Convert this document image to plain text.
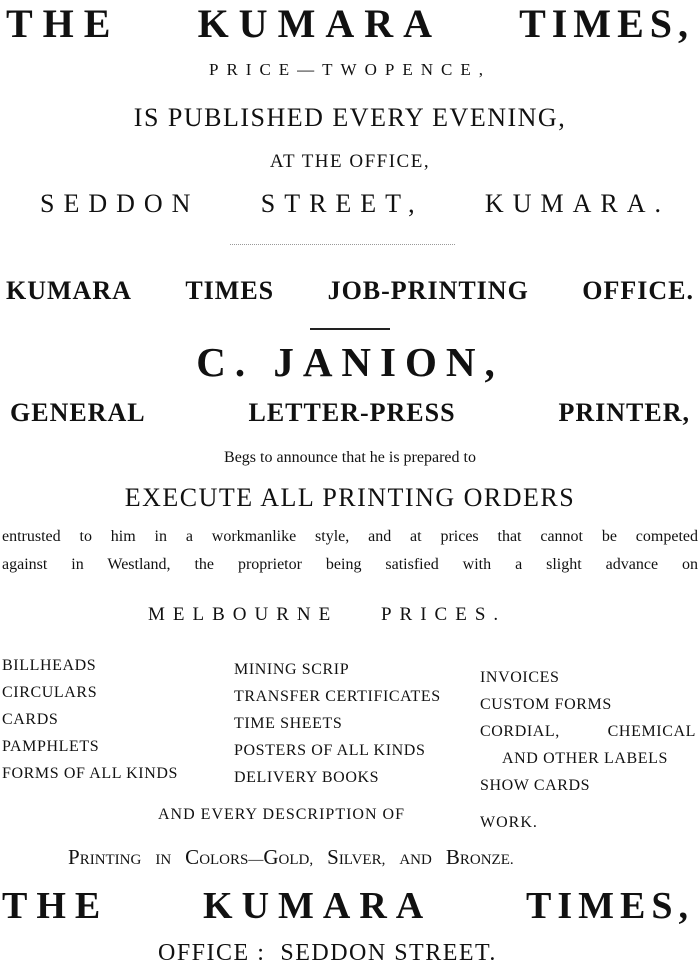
THE KUMARA TIMES,
PRICE—TWOPENCE,
IS PUBLISHED EVERY EVENING,
AT THE OFFICE,
SEDDON STREET, KUMARA.
KUMARA TIMES JOB-PRINTING OFFICE.
C. JANION,
GENERAL	LETTER-PRESS	PRINTER,
Begs to announce that he is prepared to
EXECUTE ALL PRINTING ORDERS
entrusted to him in a workmanlike style, and at prices that cannot be competed
against in Westland, the proprietor being satisfied with a slight advance on
MELBOURNE PRICES.
BILLHEADS
CIRCULARS
CARDS
PAMPHLETS
FORMS OF ALL KINDS
MINING SCRIP
TRANSFER CERTIFICATES
TIME SHEETS
POSTERS OF ALL KINDS
DELIVERY BOOKS
INVOICES
CUSTOM FORMS
CORDIAL,	CHEMICAL
AND OTHER LABELS
SHOW CARDS
AND EVERY DESCRIPTION OF	WORK.
PRINTING IN COLORS—GOLD, SILVER, AND BRONZE.
THE KUMARA TIMES,
OFFICE :  SEDDON STREET.
